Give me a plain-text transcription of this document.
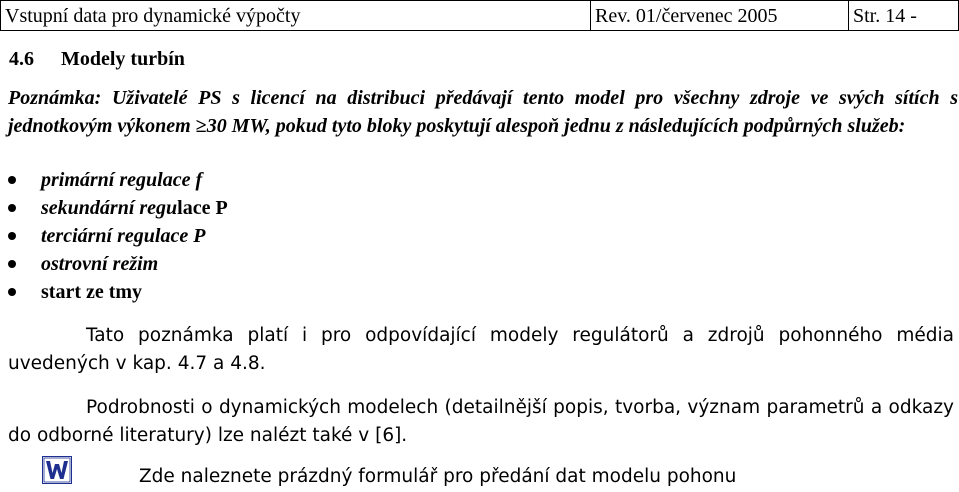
Vstupní data pro dynamické výpočty	Rev. 01/červenec 2005	Str. 14 -
4.6 Modely turbín
Poznámka: Uživatelé PS s licencí na distribuci předávají tento model pro všechny zdroje ve svých sítích s jednotkovým výkonem ≥30 MW, pokud tyto bloky poskytují alespoň jednu z následujících podpůrných služeb:
primární regulace f
sekundární regulace P
terciární regulace P
ostrovní režim
start ze tmy
Tato poznámka platí i pro odpovídající modely regulátorů a zdrojů pohonného média uvedených v kap. 4.7 a 4.8.
Podrobnosti o dynamických modelech (detailnější popis, tvorba, význam parametrů a odkazy do odborné literatury) lze nalézt také v [6].
Zde naleznete prázdný formulář pro předání dat modelu pohonu
